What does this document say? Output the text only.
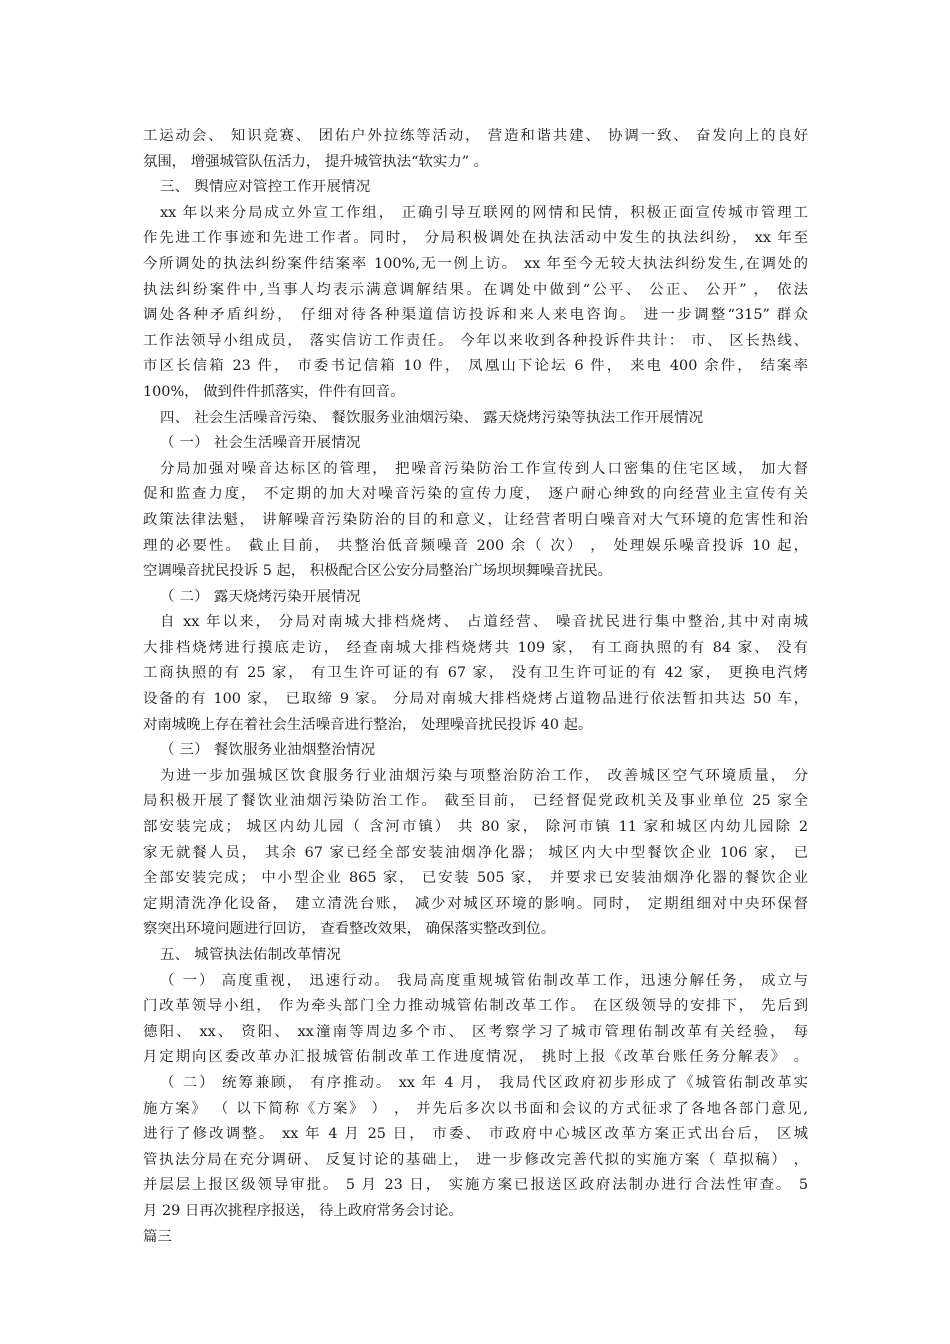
工运动会、 知识竞赛、 团佑户外拉练等活动， 营造和谐共建、 协调一致、 奋发向上的良好
氛围， 增强城管队伍活力， 提升城管执法“软实力” 。
三、 舆情应对管控工作开展情况
xx 年以来分局成立外宣工作组， 正确引导互联网的网情和民情，积极正面宣传城市管理工
作先进工作事迹和先进工作者。同时， 分局积极调处在执法活动中发生的执法纠纷， xx 年至
今所调处的执法纠纷案件结案率 100%,无一例上访。 xx 年至今无较大执法纠纷发生,在调处的
执法纠纷案件中,当事人均表示满意调解结果。在调处中做到“公平、 公正、 公开” ， 依法
调处各种矛盾纠纷， 仔细对待各种渠道信访投诉和来人来电咨询。 进一步调整“315” 群众
工作法领导小组成员， 落实信访工作责任。 今年以来收到各种投诉件共计： 市、 区长热线、
市区长信箱 23 件， 市委书记信箱 10 件， 凤凰山下论坛 6 件， 来电 400 余件， 结案率
100%， 做到件件抓落实，件件有回音。
四、 社会生活噪音污染、 餐饮服务业油烟污染、 露天烧烤污染等执法工作开展情况
（ 一） 社会生活噪音开展情况
分局加强对噪音达标区的管理， 把噪音污染防治工作宣传到人口密集的住宅区域， 加大督
促和监查力度， 不定期的加大对噪音污染的宣传力度， 逐户耐心绅致的向经营业主宣传有关
政策法律法魁， 讲解噪音污染防治的目的和意义，让经营者明白噪音对大气环境的危害性和治
理的必要性。 截止目前， 共整治低音频噪音 200 余（ 次） ， 处理娱乐噪音投诉 10 起，
空调噪音扰民投诉 5 起， 积极配合区公安分局整治广场坝坝舞噪音扰民。
（ 二） 露天烧烤污染开展情况
自 xx 年以来， 分局对南城大排档烧烤、 占道经营、 噪音扰民进行集中整治,其中对南城
大排档烧烤进行摸底走访， 经查南城大排档烧烤共 109 家， 有工商执照的有 84 家、 没有
工商执照的有 25 家， 有卫生许可证的有 67 家， 没有卫生许可证的有 42 家， 更换电汽烤
设备的有 100 家， 已取缔 9 家。 分局对南城大排档烧烤占道物品进行依法暂扣共达 50 车，
对南城晚上存在着社会生活噪音进行整治， 处理噪音扰民投诉 40 起。
（ 三） 餐饮服务业油烟整治情况
为进一步加强城区饮食服务行业油烟污染与项整治防治工作， 改善城区空气环境质量， 分
局积极开展了餐饮业油烟污染防治工作。 截至目前， 已经督促党政机关及事业单位 25 家全
部安装完成； 城区内幼儿园（ 含河市镇） 共 80 家， 除河市镇 11 家和城区内幼儿园除 2
家无就餐人员， 其余 67 家已经全部安装油烟净化器； 城区内大中型餐饮企业 106 家， 已
全部安装完成； 中小型企业 865 家， 已安装 505 家， 并要求已安装油烟净化器的餐饮企业
定期清洗净化设备， 建立清洗台账， 减少对城区环境的影响。同时， 定期组细对中央环保督
察突出环境问题进行回访， 查看整改效果， 确保落实整改到位。
五、 城管执法佑制改革情况
（ 一） 高度重视， 迅速行动。 我局高度重规城管佑制改革工作，迅速分解任务， 成立与
门改革领导小组， 作为牵头部门全力推动城管佑制改革工作。 在区级领导的安排下， 先后到
德阳、 xx、 资阳、 xx潼南等周边多个市、 区考察学习了城市管理佑制改革有关经验， 每
月定期向区委改革办汇报城管佑制改革工作进度情况， 挑时上报《改革台账任务分解表》 。
（ 二） 统筹兼顾， 有序推动。 xx 年 4 月， 我局代区政府初步形成了《城管佑制改革实
施方案》 （ 以下简称《方案》 ） ， 并先后多次以书面和会议的方式征求了各地各部门意见,
进行了修改调整。 xx 年 4 月 25 日， 市委、 市政府中心城区改革方案正式出台后， 区城
管执法分局在充分调研、 反复讨论的基础上， 进一步修改完善代拟的实施方案（ 草拟稿） ，
并层层上报区级领导审批。 5 月 23 日， 实施方案已报送区政府法制办进行合法性审查。 5
月 29 日再次挑程序报送， 待上政府常务会讨论。
篇三
